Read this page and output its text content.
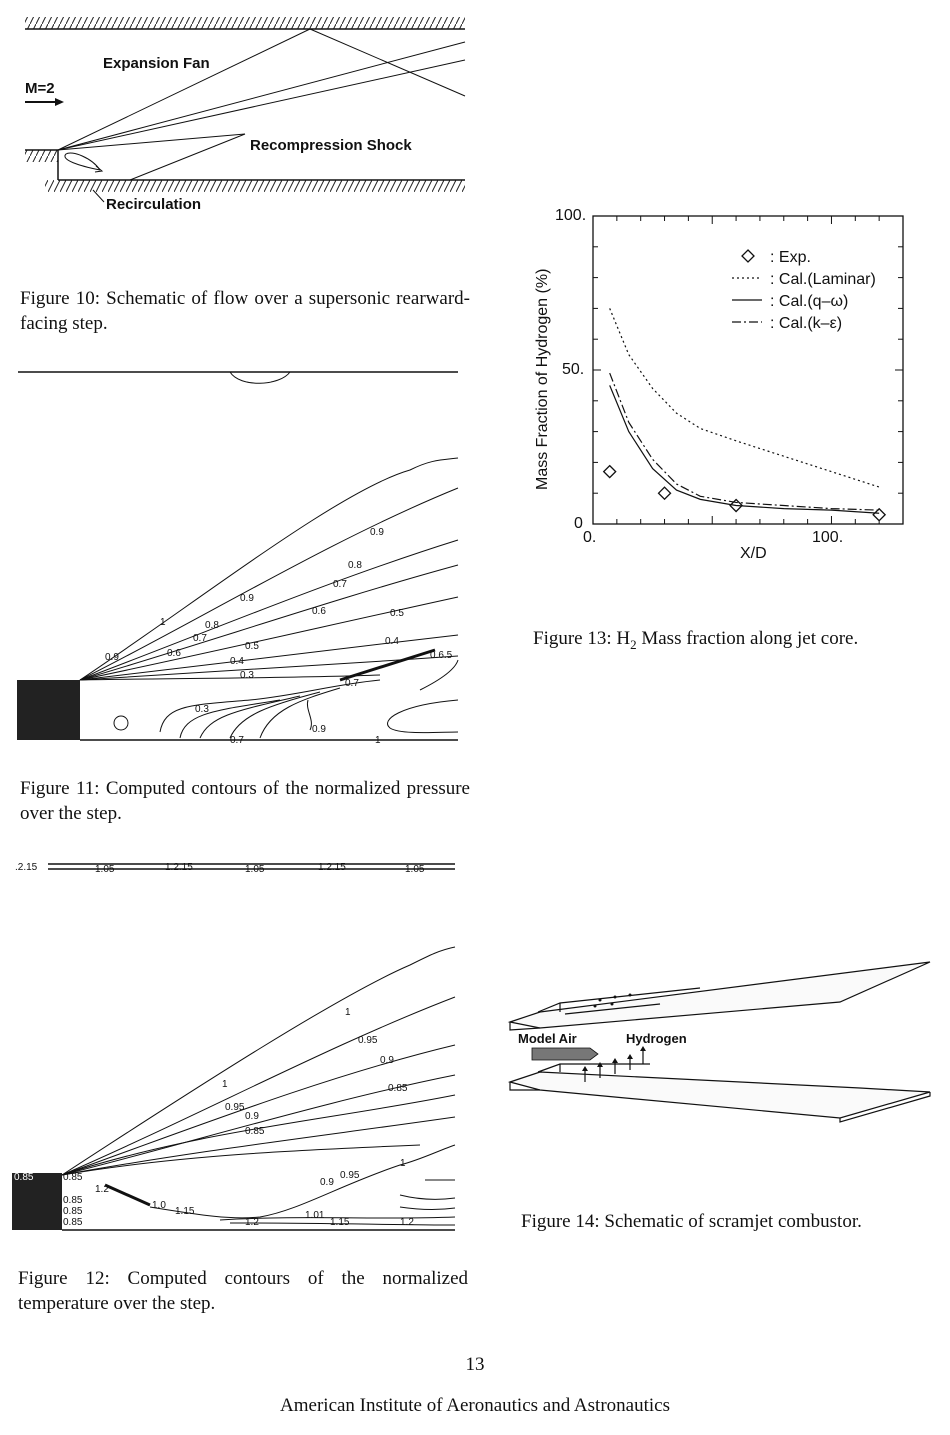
Expansion Fan
M=2
Recompression Shock
Recirculation
Figure 10: Schematic of flow over a supersonic rearward-facing step.
1
0.9
0.8
0.7
0.6	0.5
0.4
0.3
0.9
0.8
0.7
0.6
0.5
0.4
0.3
0.7	1
0.7
0.9
0.9	0.6.5
Figure 11: Computed contours of the normalized pressure over the step.
.2.15	1.05	1.2.15	1.05	1.2.15	1.05
1
0.95
0.9
0.85
1
0.95
0.9
0.85
1.2
1.0
1.15
1.2
1.01
1.15	1.2
0.9
0.95
1
0.85	0.85
0.85
0.85
0.85
Figure 12: Computed contours of the normalized temperature over the step.
: Exp.
: Cal.(Laminar)
: Cal.(q–ω)
: Cal.(k–ε)
X/D
Mass Fraction of Hydrogen (%)
0.	100.
0
50.
100.
Figure 13: $H_2$ Mass fraction along jet core.
Model Air	Hydrogen
Figure 14: Schematic of scramjet combustor.
13
American Institute of Aeronautics and Astronautics
